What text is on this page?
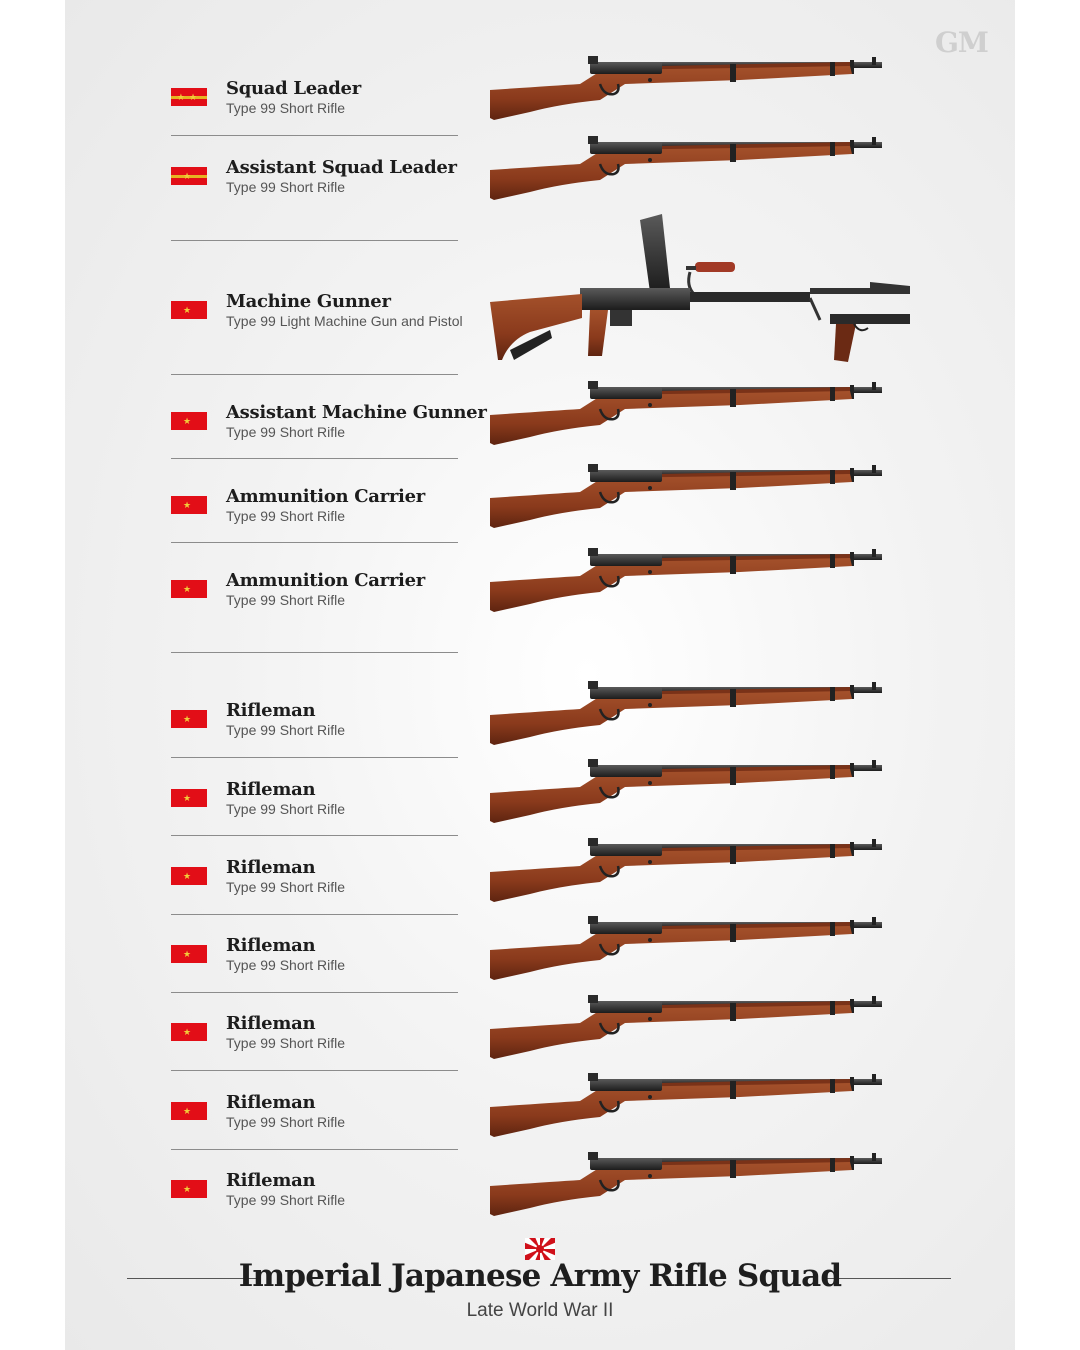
GM
★★ Squad Leader
Type 99 Short Rifle
★ Assistant Squad Leader
Type 99 Short Rifle
★ Machine Gunner
Type 99 Light Machine Gun and Pistol
★ Assistant Machine Gunner
Type 99 Short Rifle
★ Ammunition Carrier
Type 99 Short Rifle
★ Ammunition Carrier
Type 99 Short Rifle
★ Rifleman
Type 99 Short Rifle
★ Rifleman
Type 99 Short Rifle
★ Rifleman
Type 99 Short Rifle
★ Rifleman
Type 99 Short Rifle
★ Rifleman
Type 99 Short Rifle
★ Rifleman
Type 99 Short Rifle
★ Rifleman
Type 99 Short Rifle
Imperial Japanese Army Rifle Squad
Late World War II
